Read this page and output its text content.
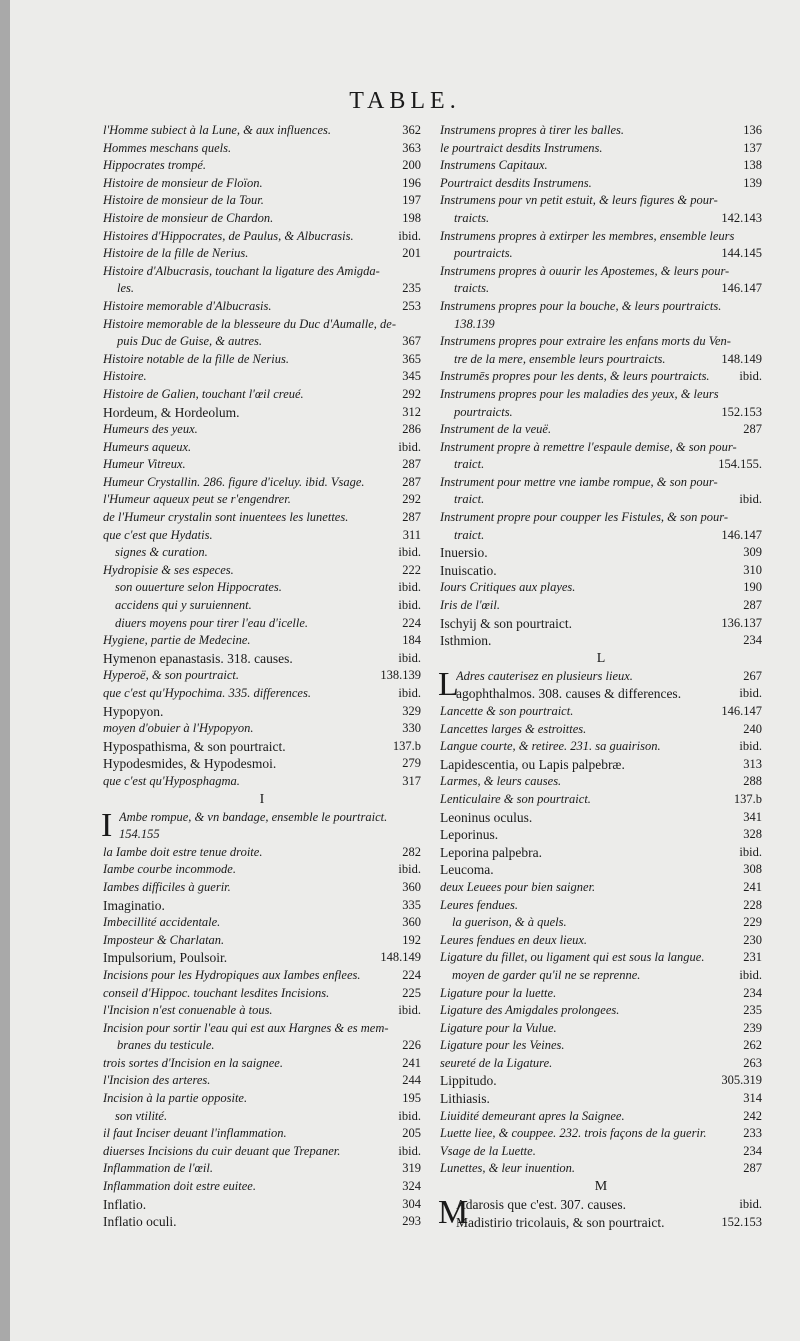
TABLE.
l'Homme subiect à la Lune, & aux influences.	362
Hommes meschans quels.	363
Hippocrates trompé.	200
Histoire de monsieur de Floïon.	196
Histoire de monsieur de la Tour.	197
Histoire de monsieur de Chardon.	198
Histoires d'Hippocrates, de Paulus, & Albucrasis.	ibid.
Histoire de la fille de Nerius.	201
Histoire d'Albucrasis, touchant la ligature des Amigda-
les.	235
Histoire memorable d'Albucrasis.	253
Histoire memorable de la blesseure du Duc d'Aumalle, de-
puis Duc de Guise, & autres.	367
Histoire notable de la fille de Nerius.	365
Histoire.	345
Histoire de Galien, touchant l'œil creué.	292
Hordeum, & Hordeolum.	312
Humeurs des yeux.	286
Humeurs aqueux.	ibid.
Humeur Vitreux.	287
Humeur Crystallin. 286. figure d'iceluy. ibid. Vsage.	287
l'Humeur aqueux peut se r'engendrer.	292
de l'Humeur crystalin sont inuentees les lunettes.	287
que c'est que Hydatis.	311
signes & curation.	ibid.
Hydropisie & ses especes.	222
son ouuerture selon Hippocrates.	ibid.
accidens qui y suruiennent.	ibid.
diuers moyens pour tirer l'eau d'icelle.	224
Hygiene, partie de Medecine.	184
Hymenon epanastasis. 318. causes.	ibid.
Hyperoë, & son pourtraict.	138.139
que c'est qu'Hypochima. 335. differences.	ibid.
Hypopyon.	329
moyen d'obuier à l'Hypopyon.	330
Hypospathisma, & son pourtraict.	137.b
Hypodesmides, & Hypodesmoi.	279
que c'est qu'Hyposphagma.	317
I
I Ambe rompue, & vn bandage, ensemble le pourtraict.
154.155
la Iambe doit estre tenue droite.	282
Iambe courbe incommode.	ibid.
Iambes difficiles à guerir.	360
Imaginatio.	335
Imbecillité accidentale.	360
Imposteur & Charlatan.	192
Impulsorium, Poulsoir.	148.149
Incisions pour les Hydropiques aux Iambes enflees.	224
conseil d'Hippoc. touchant lesdites Incisions.	225
l'Incision n'est conuenable à tous.	ibid.
Incision pour sortir l'eau qui est aux Hargnes & es mem-
branes du testicule.	226
trois sortes d'Incision en la saignee.	241
l'Incision des arteres.	244
Incision à la partie opposite.	195
son vtilité.	ibid.
il faut Inciser deuant l'inflammation.	205
diuerses Incisions du cuir deuant que Trepaner.	ibid.
Inflammation de l'œil.	319
Inflammation doit estre euitee.	324
Inflatio.	304
Inflatio oculi.	293
Instrumens propres à tirer les balles.	136
le pourtraict desdits Instrumens.	137
Instrumens Capitaux.	138
Pourtraict desdits Instrumens.	139
Instrumens pour vn petit estuit, & leurs figures & pour-
traicts.	142.143
Instrumens propres à extirper les membres, ensemble leurs
pourtraicts.	144.145
Instrumens propres à ouurir les Apostemes, & leurs pour-
traicts.	146.147
Instrumens propres pour la bouche, & leurs pourtraicts.
138.139
Instrumens propres pour extraire les enfans morts du Ven-
tre de la mere, ensemble leurs pourtraicts.	148.149
Instrumēs propres pour les dents, & leurs pourtraicts. ibid.
Instrumens propres pour les maladies des yeux, & leurs
pourtraicts.	152.153
Instrument de la veuë.	287
Instrument propre à remettre l'espaule demise, & son pour-
traict.	154.155.
Instrument pour mettre vne iambe rompue, & son pour-
traict.	ibid.
Instrument propre pour coupper les Fistules, & son pour-
traict.	146.147
Inuersio.	309
Inuiscatio.	310
Iours Critiques aux playes.	190
Iris de l'œil.	287
Ischyij & son pourtraict.	136.137
Isthmion.	234
L
L
Adres cauterisez en plusieurs lieux.	267
agophthalmos. 308. causes & differences.	ibid.
Lancette & son pourtraict.	146.147
Lancettes larges & estroittes.	240
Langue courte, & retiree. 231. sa guairison.	ibid.
Lapidescentia, ou Lapis palpebræ.	313
Larmes, & leurs causes.	288
Lenticulaire & son pourtraict.	137.b
Leoninus oculus.	341
Leporinus.	328
Leporina palpebra.	ibid.
Leucoma.	308
deux Leuees pour bien saigner.	241
Leures fendues.	228
la guerison, & à quels.	229
Leures fendues en deux lieux.	230
Ligature du fillet, ou ligament qui est sous la langue.	231
moyen de garder qu'il ne se reprenne.	ibid.
Ligature pour la luette.	234
Ligature des Amigdales prolongees.	235
Ligature pour la Vulue.	239
Ligature pour les Veines.	262
seureté de la Ligature.	263
Lippitudo.	305.319
Lithiasis.	314
Liuidité demeurant apres la Saignee.	242
Luette liee, & couppee. 232. trois façons de la guerir.	233
Vsage de la Luette.	234
Lunettes, & leur inuention.	287
M
M
Adarosis que c'est. 307. causes.	ibid.
Madistirio tricolauis, & son pourtraict.	152.153
